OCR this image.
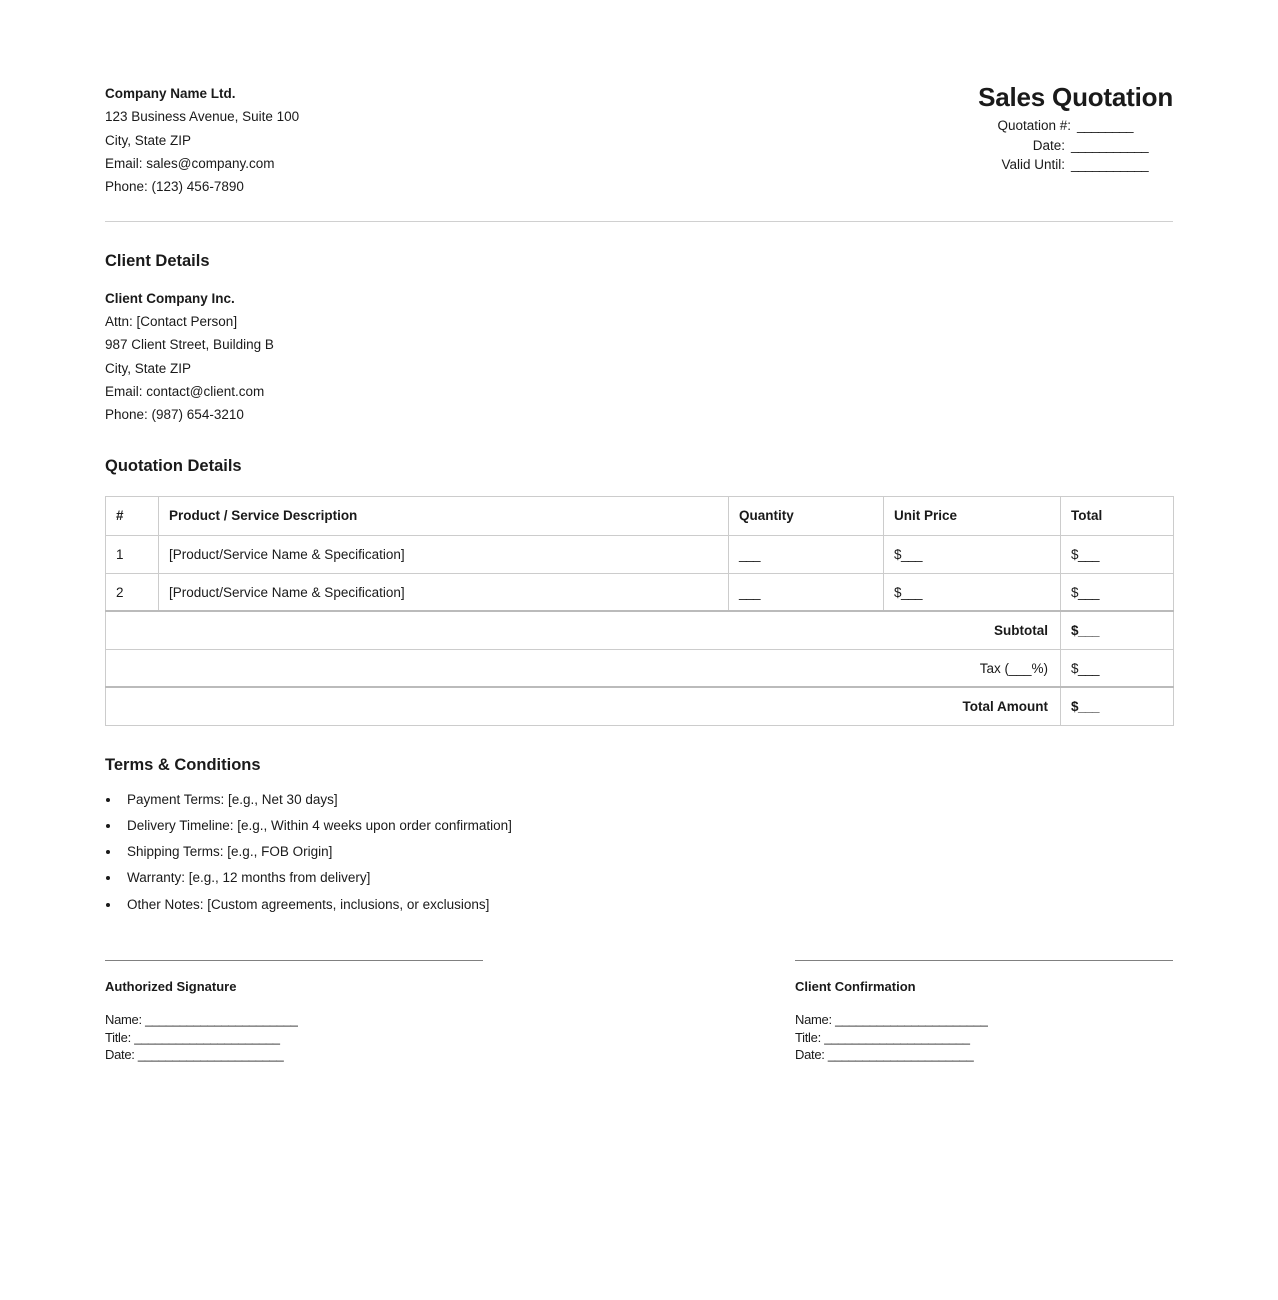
Company Name Ltd.
123 Business Avenue, Suite 100
City, State ZIP
Email: sales@company.com
Phone: (123) 456-7890
Sales Quotation
Quotation #: ________
Date: ___________
Valid Until: ___________
Client Details
Client Company Inc.
Attn: [Contact Person]
987 Client Street, Building B
City, State ZIP
Email: contact@client.com
Phone: (987) 654-3210
Quotation Details
#	Product / Service Description	Quantity	Unit Price	Total
1	[Product/Service Name & Specification]	___	$___	$___
2	[Product/Service Name & Specification]	___	$___	$___
Subtotal				$___
Tax (___%)				$___
Total Amount				$___
Terms & Conditions
• Payment Terms: [e.g., Net 30 days]
• Delivery Timeline: [e.g., Within 4 weeks upon order confirmation]
• Shipping Terms: [e.g., FOB Origin]
• Warranty: [e.g., 12 months from delivery]
• Other Notes: [Custom agreements, inclusions, or exclusions]
Authorized Signature
Name: ______________________
Title: _____________________
Date: _____________________
Client Confirmation
Name: ______________________
Title: _____________________
Date: _____________________
